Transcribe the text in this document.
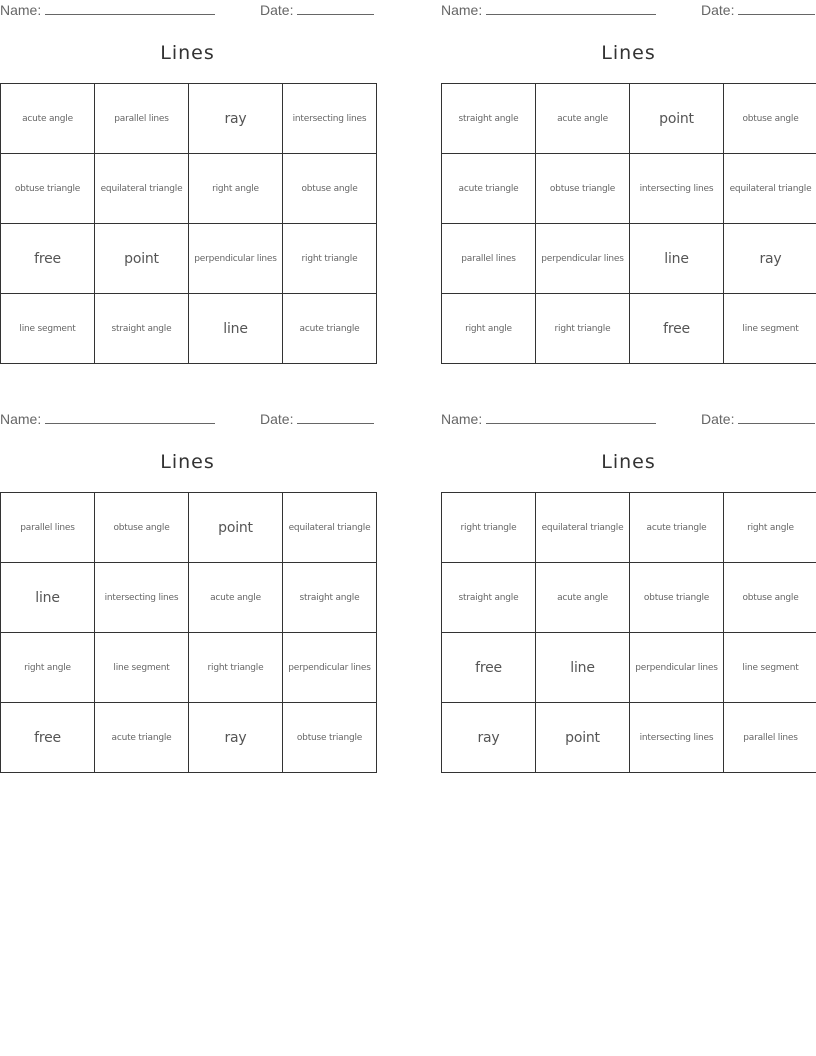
Name:	Date:
Lines
acute angle	parallel lines	ray	intersecting lines
obtuse triangle	equilateral triangle	right angle	obtuse angle
free	point	perpendicular lines	right triangle
line segment	straight angle	line	acute triangle
Name:	Date:
Lines
straight angle	acute angle	point	obtuse angle
acute triangle	obtuse triangle	intersecting lines	equilateral triangle
parallel lines	perpendicular lines	line	ray
right angle	right triangle	free	line segment
Name:	Date:
Lines
parallel lines	obtuse angle	point	equilateral triangle
line	intersecting lines	acute angle	straight angle
right angle	line segment	right triangle	perpendicular lines
free	acute triangle	ray	obtuse triangle
Name:	Date:
Lines
right triangle	equilateral triangle	acute triangle	right angle
straight angle	acute angle	obtuse triangle	obtuse angle
free	line	perpendicular lines	line segment
ray	point	intersecting lines	parallel lines
